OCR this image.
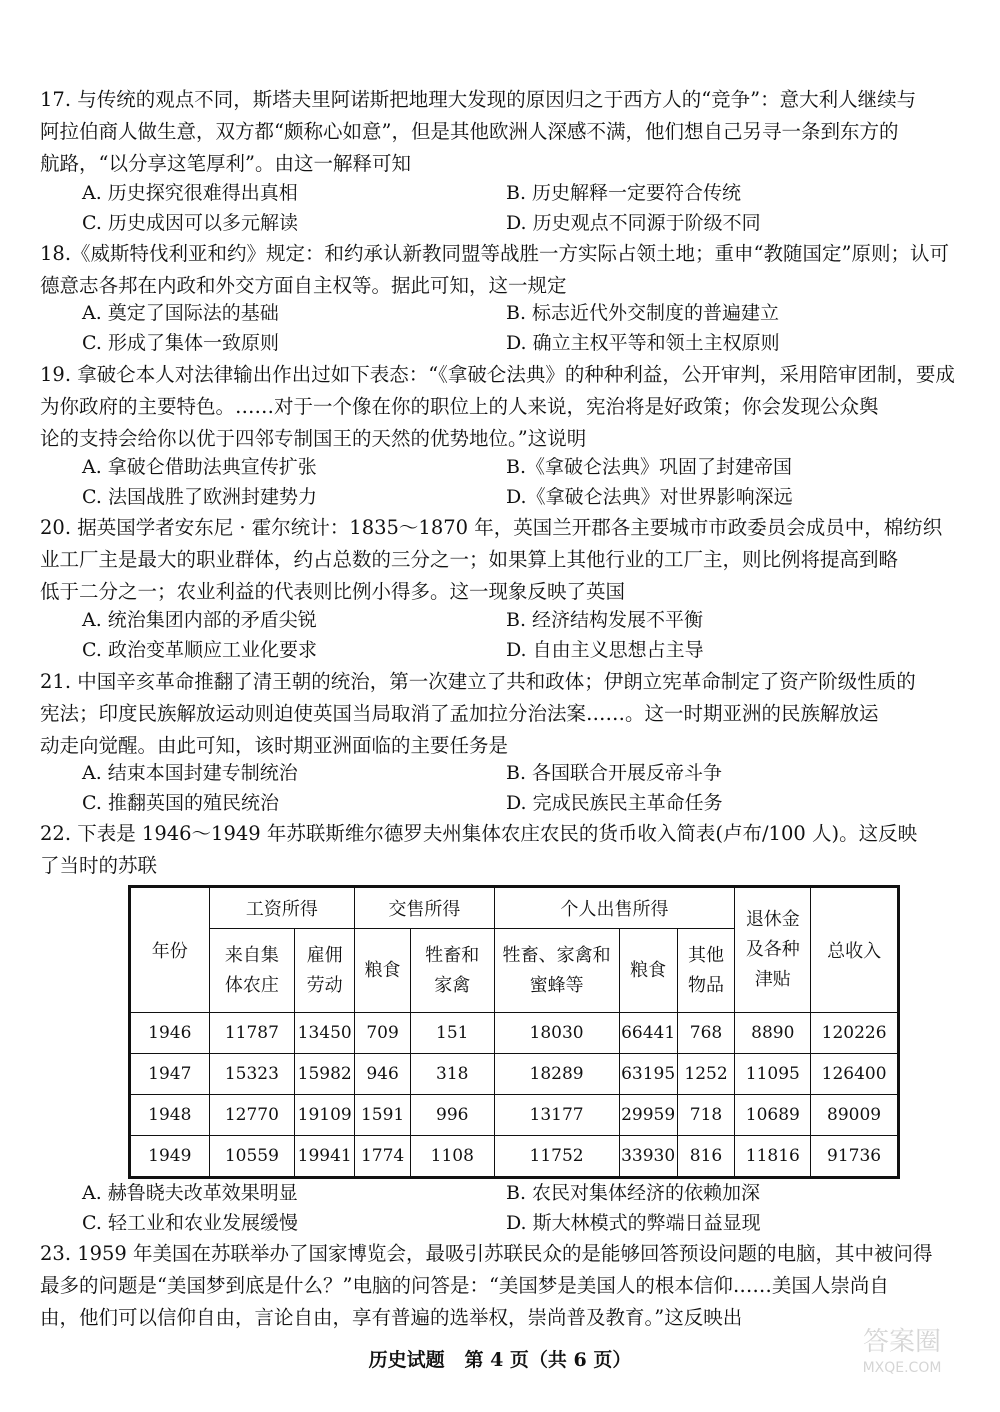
17. 与传统的观点不同，斯塔夫里阿诺斯把地理大发现的原因归之于西方人的“竞争”：意大利人继续与
阿拉伯商人做生意，双方都“颇称心如意”，但是其他欧洲人深感不满，他们想自己另寻一条到东方的
航路，“以分享这笔厚利”。由这一解释可知
A. 历史探究很难得出真相	B. 历史解释一定要符合传统
C. 历史成因可以多元解读	D. 历史观点不同源于阶级不同
18.《威斯特伐利亚和约》规定：和约承认新教同盟等战胜一方实际占领土地；重申“教随国定”原则；认可
德意志各邦在内政和外交方面自主权等。据此可知，这一规定
A. 奠定了国际法的基础	B. 标志近代外交制度的普遍建立
C. 形成了集体一致原则	D. 确立主权平等和领土主权原则
19. 拿破仑本人对法律输出作出过如下表态：“《拿破仑法典》的种种利益，公开审判，采用陪审团制，要成
为你政府的主要特色。……对于一个像在你的职位上的人来说，宪治将是好政策；你会发现公众舆
论的支持会给你以优于四邻专制国王的天然的优势地位。”这说明
A. 拿破仑借助法典宣传扩张	B.《拿破仑法典》巩固了封建帝国
C. 法国战胜了欧洲封建势力	D.《拿破仑法典》对世界影响深远
20. 据英国学者安东尼 · 霍尔统计：1835～1870 年，英国兰开郡各主要城市市政委员会成员中，棉纺织
业工厂主是最大的职业群体，约占总数的三分之一；如果算上其他行业的工厂主，则比例将提高到略
低于二分之一；农业利益的代表则比例小得多。这一现象反映了英国
A. 统治集团内部的矛盾尖锐	B. 经济结构发展不平衡
C. 政治变革顺应工业化要求	D. 自由主义思想占主导
21. 中国辛亥革命推翻了清王朝的统治，第一次建立了共和政体；伊朗立宪革命制定了资产阶级性质的
宪法；印度民族解放运动则迫使英国当局取消了孟加拉分治法案……。这一时期亚洲的民族解放运
动走向觉醒。由此可知，该时期亚洲面临的主要任务是
A. 结束本国封建专制统治	B. 各国联合开展反帝斗争
C. 推翻英国的殖民统治	D. 完成民族民主革命任务
22. 下表是 1946～1949 年苏联斯维尔德罗夫州集体农庄农民的货币收入简表(卢布/100 人)。这反映
了当时的苏联
年份	工资所得		交售所得		个人出售所得			退休金及各种津贴	总收入
	来自集体农庄	雇佣劳动	粮食	牲畜和家禽	牲畜、家禽和蜜蜂等	粮食	其他物品		
1946	11787	13450	709	151	18030	66441	768	8890	120226
1947	15323	15982	946	318	18289	63195	1252	11095	126400
1948	12770	19109	1591	996	13177	29959	718	10689	89009
1949	10559	19941	1774	1108	11752	33930	816	11816	91736
A. 赫鲁晓夫改革效果明显	B. 农民对集体经济的依赖加深
C. 轻工业和农业发展缓慢	D. 斯大林模式的弊端日益显现
23. 1959 年美国在苏联举办了国家博览会，最吸引苏联民众的是能够回答预设问题的电脑，其中被问得
最多的问题是“美国梦到底是什么？”电脑的问答是：“美国梦是美国人的根本信仰……美国人崇尚自
由，他们可以信仰自由，言论自由，享有普遍的选举权，崇尚普及教育。”这反映出
历史试题   第 4 页（共 6 页）
答案圈
MXQE.COM
